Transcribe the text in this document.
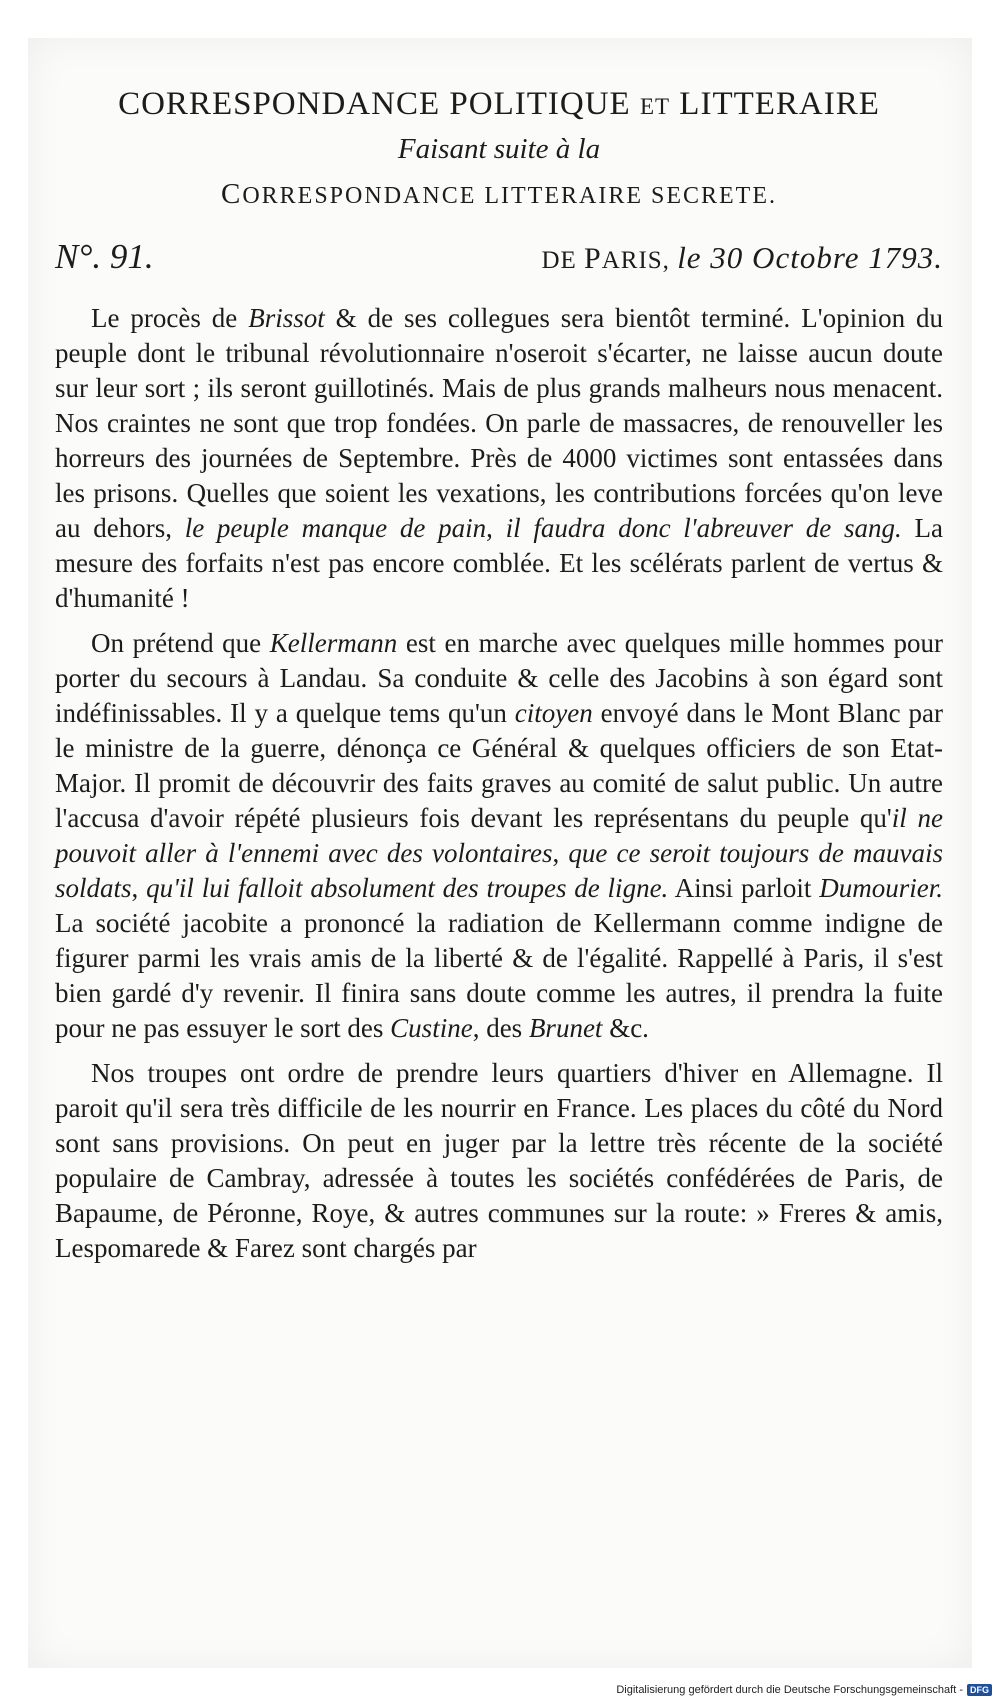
CORRESPONDANCE POLITIQUE ET LITTERAIRE
Faisant suite à la
CORRESPONDANCE LITTERAIRE SECRETE.
N°. 91.	DE PARIS, le 30 Octobre 1793.

Le procès de Brissot & de ses collegues sera bientôt terminé. L'opinion du peuple dont le tribunal révolutionnaire n'oseroit s'écarter, ne laisse aucun doute sur leur sort ; ils seront guillotinés. Mais de plus grands malheurs nous menacent. Nos craintes ne sont que trop fondées. On parle de massacres, de renouveller les horreurs des journées de Septembre. Près de 4000 victimes sont entassées dans les prisons. Quelles que soient les vexations, les contributions forcées qu'on leve au dehors, le peuple manque de pain, il faudra donc l'abreuver de sang. La mesure des forfaits n'est pas encore comblée. Et les scélérats parlent de vertus & d'humanité !

On prétend que Kellermann est en marche avec quelques mille hommes pour porter du secours à Landau. Sa conduite & celle des Jacobins à son égard sont indéfinissables. Il y a quelque tems qu'un citoyen envoyé dans le Mont Blanc par le ministre de la guerre, dénonça ce Général & quelques officiers de son Etat-Major. Il promit de découvrir des faits graves au comité de salut public. Un autre l'accusa d'avoir répété plusieurs fois devant les représentans du peuple qu'il ne pouvoit aller à l'ennemi avec des volontaires, que ce seroit toujours de mauvais soldats, qu'il lui falloit absolument des troupes de ligne. Ainsi parloit Dumourier. La société jacobite a prononcé la radiation de Kellermann comme indigne de figurer parmi les vrais amis de la liberté & de l'égalité. Rappellé à Paris, il s'est bien gardé d'y revenir. Il finira sans doute comme les autres, il prendra la fuite pour ne pas essuyer le sort des Custine, des Brunet &c.

Nos troupes ont ordre de prendre leurs quartiers d'hiver en Allemagne. Il paroit qu'il sera très difficile de les nourrir en France. Les places du côté du Nord sont sans provisions. On peut en juger par la lettre très récente de la société populaire de Cambray, adressée à toutes les sociétés confédérées de Paris, de Bapaume, de Péronne, Roye, & autres communes sur la route: » Freres & amis, Lespomarede & Farez sont chargés par

Digitalisierung gefördert durch die Deutsche Forschungsgemeinschaft - DFG
